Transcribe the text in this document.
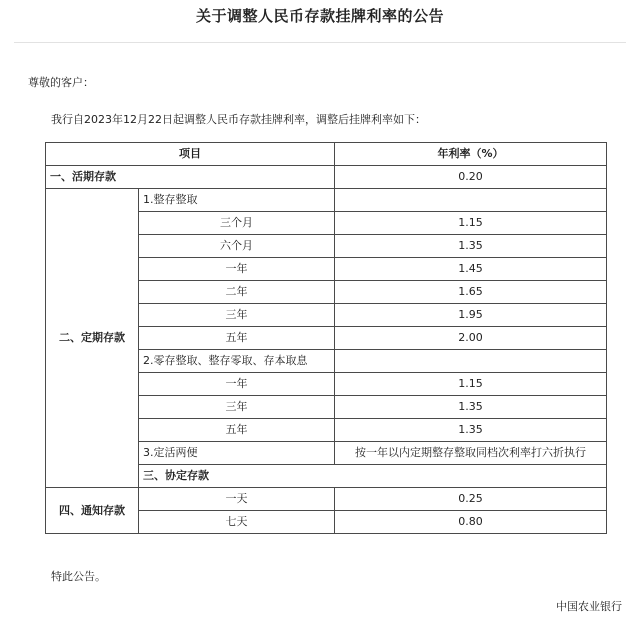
关于调整人民币存款挂牌利率的公告
尊敬的客户：
我行自2023年12月22日起调整人民币存款挂牌利率，调整后挂牌利率如下：
项目		年利率（%）	
一、活期存款		0.20	
二、定期存款	1.整存整取		
	三个月	1.15	
	六个月	1.35	
	一年	1.45	
	二年	1.65	
	三年	1.95	
	五年	2.00	
	2.零存整取、整存零取、存本取息		
	一年	1.15	
	三年	1.35	
	五年	1.35	
	3.定活两便	按一年以内定期整存整取同档次利率打六折执行	
	三、协定存款	
四、通知存款	一天	0.25	
	七天	0.80	
特此公告。
中国农业银行
